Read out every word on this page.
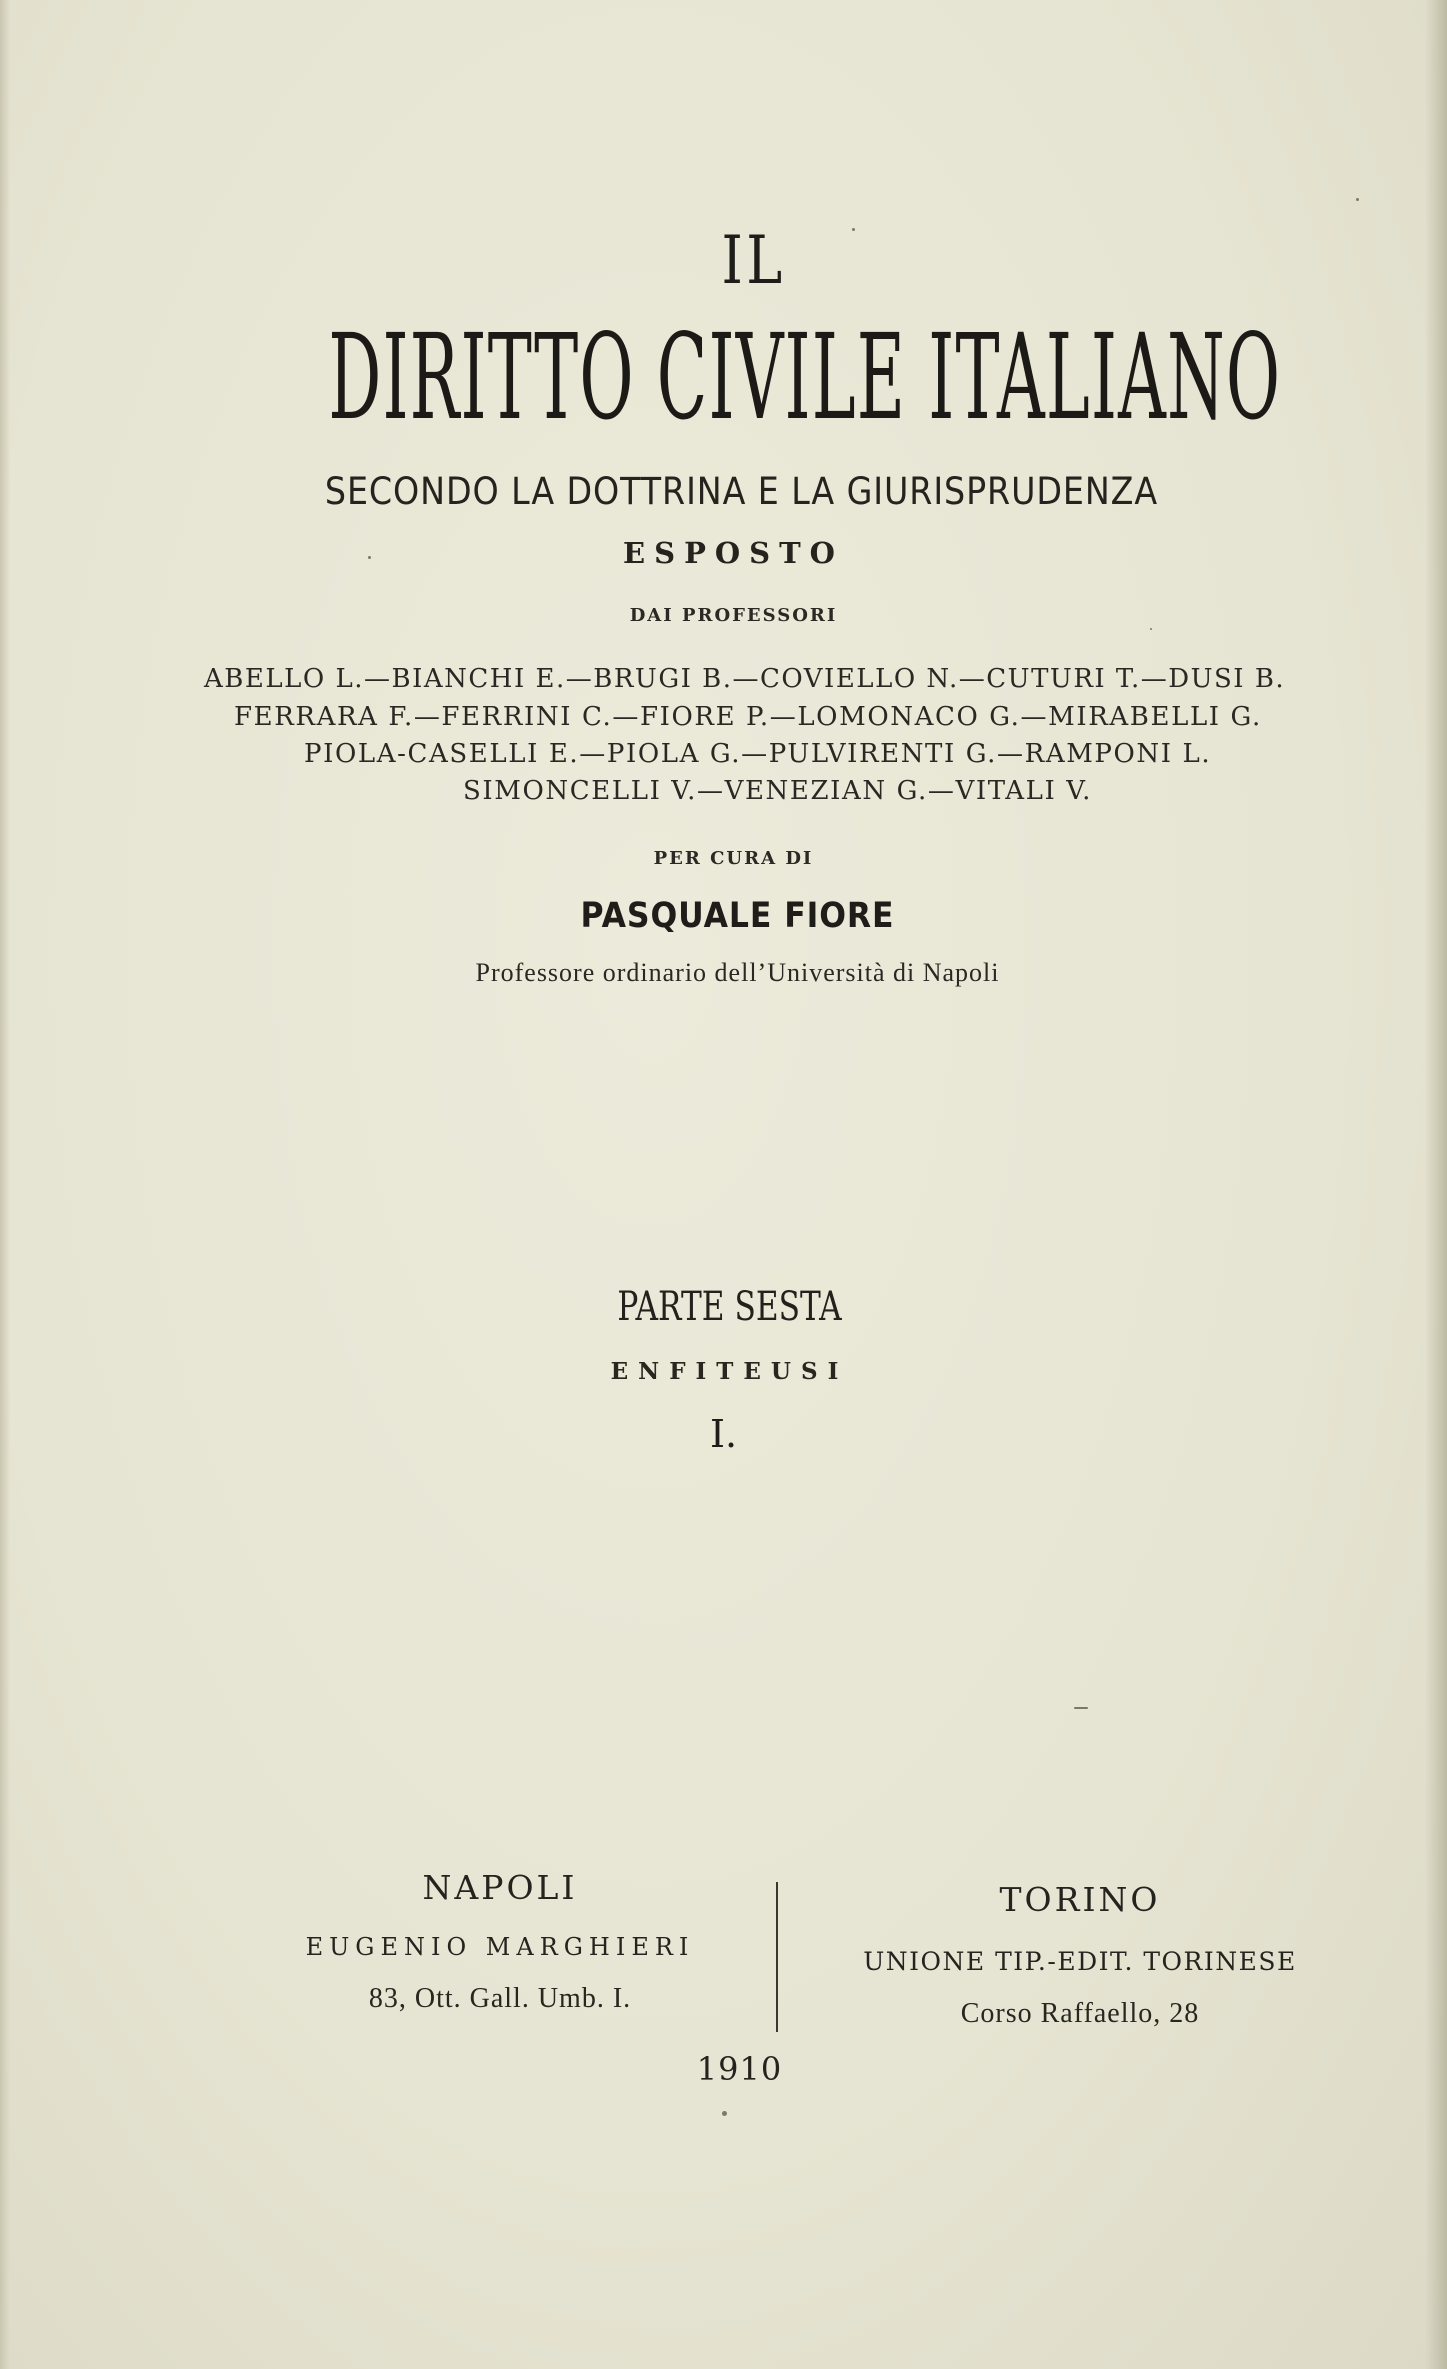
IL
DIRITTO CIVILE ITALIANO
SECONDO LA DOTTRINA E LA GIURISPRUDENZA
ESPOSTO
DAI PROFESSORI
ABELLO L.—BIANCHI E.—BRUGI B.—COVIELLO N.—CUTURI T.—DUSI B.
FERRARA F.—FERRINI C.—FIORE P.—LOMONACO G.—MIRABELLI G.
PIOLA-CASELLI E.—PIOLA G.—PULVIRENTI G.—RAMPONI L.
SIMONCELLI V.—VENEZIAN G.—VITALI V.
PER CURA DI
PASQUALE FIORE
Professore ordinario dell’Università di Napoli
PARTE SESTA
ENFITEUSI
I.
NAPOLI
EUGENIO MARGHIERI
83, Ott. Gall. Umb. I.
TORINO
UNIONE TIP.-EDIT. TORINESE
Corso Raffaello, 28
1910
